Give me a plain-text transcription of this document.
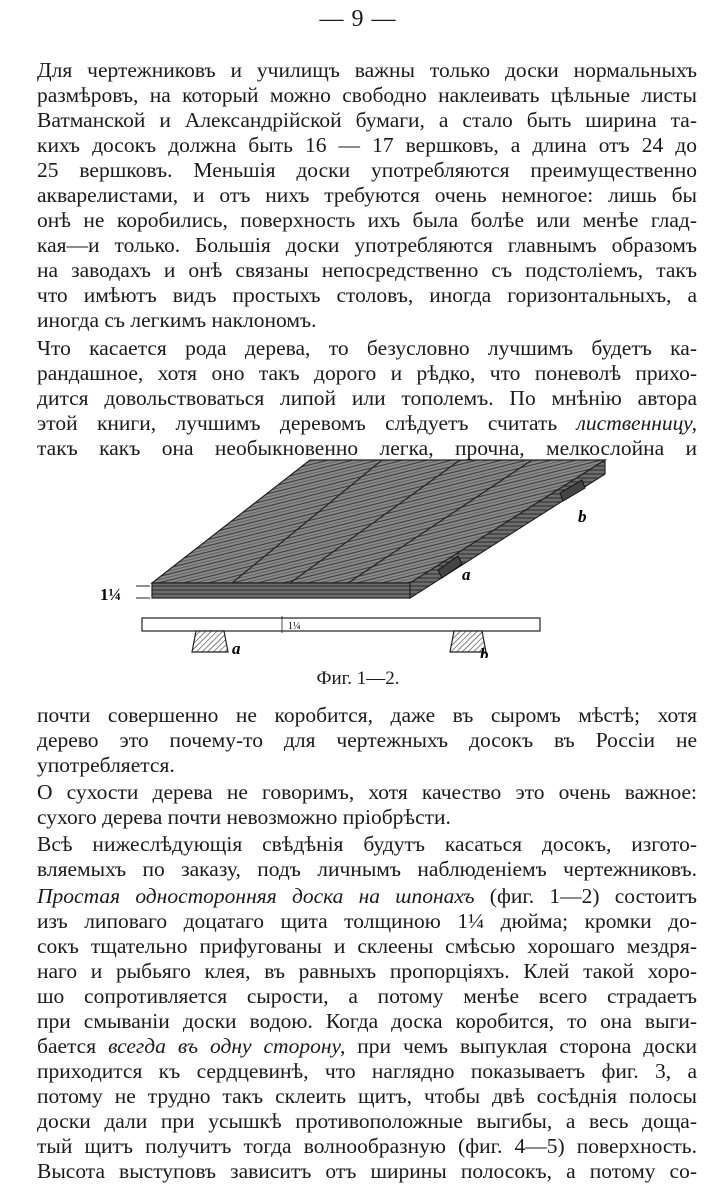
— 9 —
Для чертежниковъ и училищъ важны только доски нормальныхъ
размѣровъ, на который можно свободно наклеивать цѣльные листы
Ватманской и Александрійской бумаги, а стало быть ширина та-
кихъ досокъ должна быть 16 — 17 вершковъ, а длина отъ 24 до
25 вершковъ. Меньшія доски употребляются преимущественно
акварелистами, и отъ нихъ требуются очень немногое: лишь бы
онѣ не коробились, поверхность ихъ была болѣе или менѣе глад-
кая—и только. Большія доски употребляются главнымъ образомъ
на заводахъ и онѣ связаны непосредственно съ подстолiемъ, такъ
что имѣютъ видъ простыхъ столовъ, иногда горизонтальныхъ, а
иногда съ легкимъ наклономъ.
Что касается рода дерева, то безусловно лучшимъ будетъ ка-
рандашное, хотя оно такъ дорого и рѣдко, что поневолѣ прихо-
дится довольствоваться липой или тополемъ. По мнѣнію автора
этой книги, лучшимъ деревомъ слѣдуетъ считать лиственницу,
такъ какъ она необыкновенно легка, прочна, мелкослойна и
a
b
1¼
1¼
a	b
Фиг. 1—2.
почти совершенно не коробится, даже въ сыромъ мѣстѣ; хотя
дерево это почему-то для чертежныхъ досокъ въ Россіи не
употребляется.
О сухости дерева не говоримъ, хотя качество это очень важное:
сухого дерева почти невозможно пріобрѣсти.
Всѣ нижеслѣдующія свѣдѣнія будутъ касаться досокъ, изгото-
вляемыхъ по заказу, подъ личнымъ наблюденіемъ чертежниковъ.
Простая односторонняя доска на шпонахъ (фиг. 1—2) состоитъ
изъ липоваго доцатаго щита толщиною 1¼ дюйма; кромки до-
сокъ тщательно прифугованы и склеены смѣсью хорошаго мездря-
наго и рыбьяго клея, въ равныхъ пропорціяхъ. Клей такой хоро-
шо сопротивляется сырости, а потому менѣе всего страдаетъ
при смываніи доски водою. Когда доска коробится, то она выги-
бается всегда въ одну сторону, при чемъ выпуклая сторона доски
приходится къ сердцевинѣ, что наглядно показываетъ фиг. 3, а
потому не трудно такъ склеить щитъ, чтобы двѣ сосѣднія полосы
доски дали при усышкѣ противоположные выгибы, а весь доща-
тый щитъ получитъ тогда волнообразную (фиг. 4—5) поверхность.
Высота выступовъ зависитъ отъ ширины полосокъ, а потому со-
